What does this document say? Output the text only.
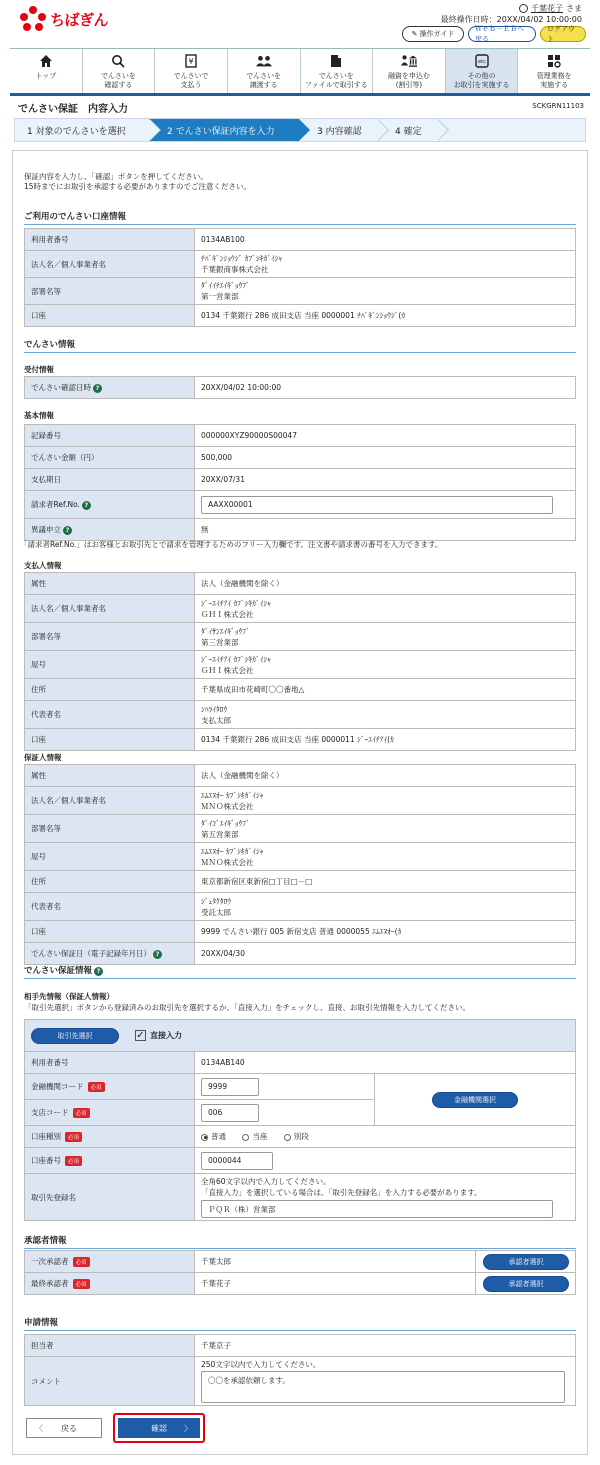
ちばぎん
千葉花子 さま
最終操作日時：20XX/04/02 10:00:00
✎ 操作ガイド
Ｗｅｂ－ＥＢへ戻る
ログアウト
トップ	でんさいを
確認する
¥
でんさいで
支払う
でんさいを
譲渡する
でんさいを
ファイルで取引する
融資を申込む
(割引等)
etc
その他の
お取引を実施する
管理業務を
実施する
でんさい保証　内容入力	SCKGRN11103
1 対象のでんさいを選択	2 でんさい保証内容を入力	3 内容確認	4 確定
保証内容を入力し、「確認」ボタンを押してください。
15時までにお取引を承認する必要がありますのでご注意ください。
ご利用のでんさい口座情報
利用者番号	0134AB100
法人名／個人事業者名	ﾁﾊﾞｷﾞﾝｼｮｳｼﾞ ｶﾌﾞｼｷｶﾞｲｼｬ
千葉銀商事株式会社

部署名等	ﾀﾞｲｲﾁｴｲｷﾞｮｳﾌﾞ
第一営業部

口座	0134 千葉銀行 286 成田支店 当座 0000001 ﾁﾊﾞｷﾞﾝｼｮｳｼﾞ(ｶ
でんさい情報
受付情報
でんさい確認日時 ?	20XX/04/02 10:00:00
基本情報
記録番号	000000XYZ90000S00047
でんさい金額（円）	500,000
支払期日	20XX/07/31
請求者Ref.No. ?	AAXX00001

異議申立 ?	無
「請求者Ref.No.」はお客様とお取引先とで請求を管理するためのフリー入力欄です。注文書や請求書の番号を入力できます。
支払人情報
属性	法人（金融機関を除く）
法人名／個人事業者名	ｼﾞｰｴｲﾁｱｲ ｶﾌﾞｼｷｶﾞｲｼｬ
ＧＨＩ株式会社

部署名等	ﾀﾞｲｻﾝｴｲｷﾞｮｳﾌﾞ
第三営業部

屋号	ｼﾞｰｴｲﾁｱｲ ｶﾌﾞｼｷｶﾞｲｼｬ
ＧＨＩ株式会社

住所	千葉県成田市花崎町〇〇番地△
代表者名	ｼﾊﾗｲﾀﾛｳ
支払太郎

口座	0134 千葉銀行 286 成田支店 当座 0000011 ｼﾞｰｴｲﾁｱｲ(ｶ
保証人情報
属性	法人（金融機関を除く）
法人名／個人事業者名	ｴﾑｴﾇｵｰ ｶﾌﾞｼｷｶﾞｲｼｬ
ＭＮＯ株式会社

部署名等	ﾀﾞｲｺﾞｴｲｷﾞｮｳﾌﾞ
第五営業部

屋号	ｴﾑｴﾇｵｰ ｶﾌﾞｼｷｶﾞｲｼｬ
ＭＮＯ株式会社

住所	東京都新宿区東新宿□丁目□－□
代表者名	ｼﾞｭﾀｸﾀﾛｳ
受託太郎

口座	9999 でんさい銀行 005 新宿支店 普通 0000055 ｴﾑｴﾇｵｰ(ｶ
でんさい保証日（電子記録年月日） ?	20XX/04/30
でんさい保証情報 ?
相手先情報（保証人情報）
「取引先選択」ボタンから登録済みのお取引先を選択するか、「直接入力」をチェックし、直接、お取引先情報を入力してください。
取引先選択 ✓ 直接入力		

利用者番号	0134AB140	
金融機関コード 必須	9999	金融機関選択

支店コード 必須	006	

口座種別 必須	普通 当座 別段	
口座番号 必須	0000044	

取引先登録名	全角60文字以内で入力してください。
「直接入力」を選択している場合は、「取引先登録名」を入力する必要があります。
ＰＱＲ（株）営業部	
承認者情報
一次承認者 必須	千葉太郎	承認者選択

最終承認者 必須	千葉花子	承認者選択
申請情報
担当者	千葉京子
コメント	250文字以内で入力してください。
〇〇を承認依頼します。
〈 戻る	確認 〉
